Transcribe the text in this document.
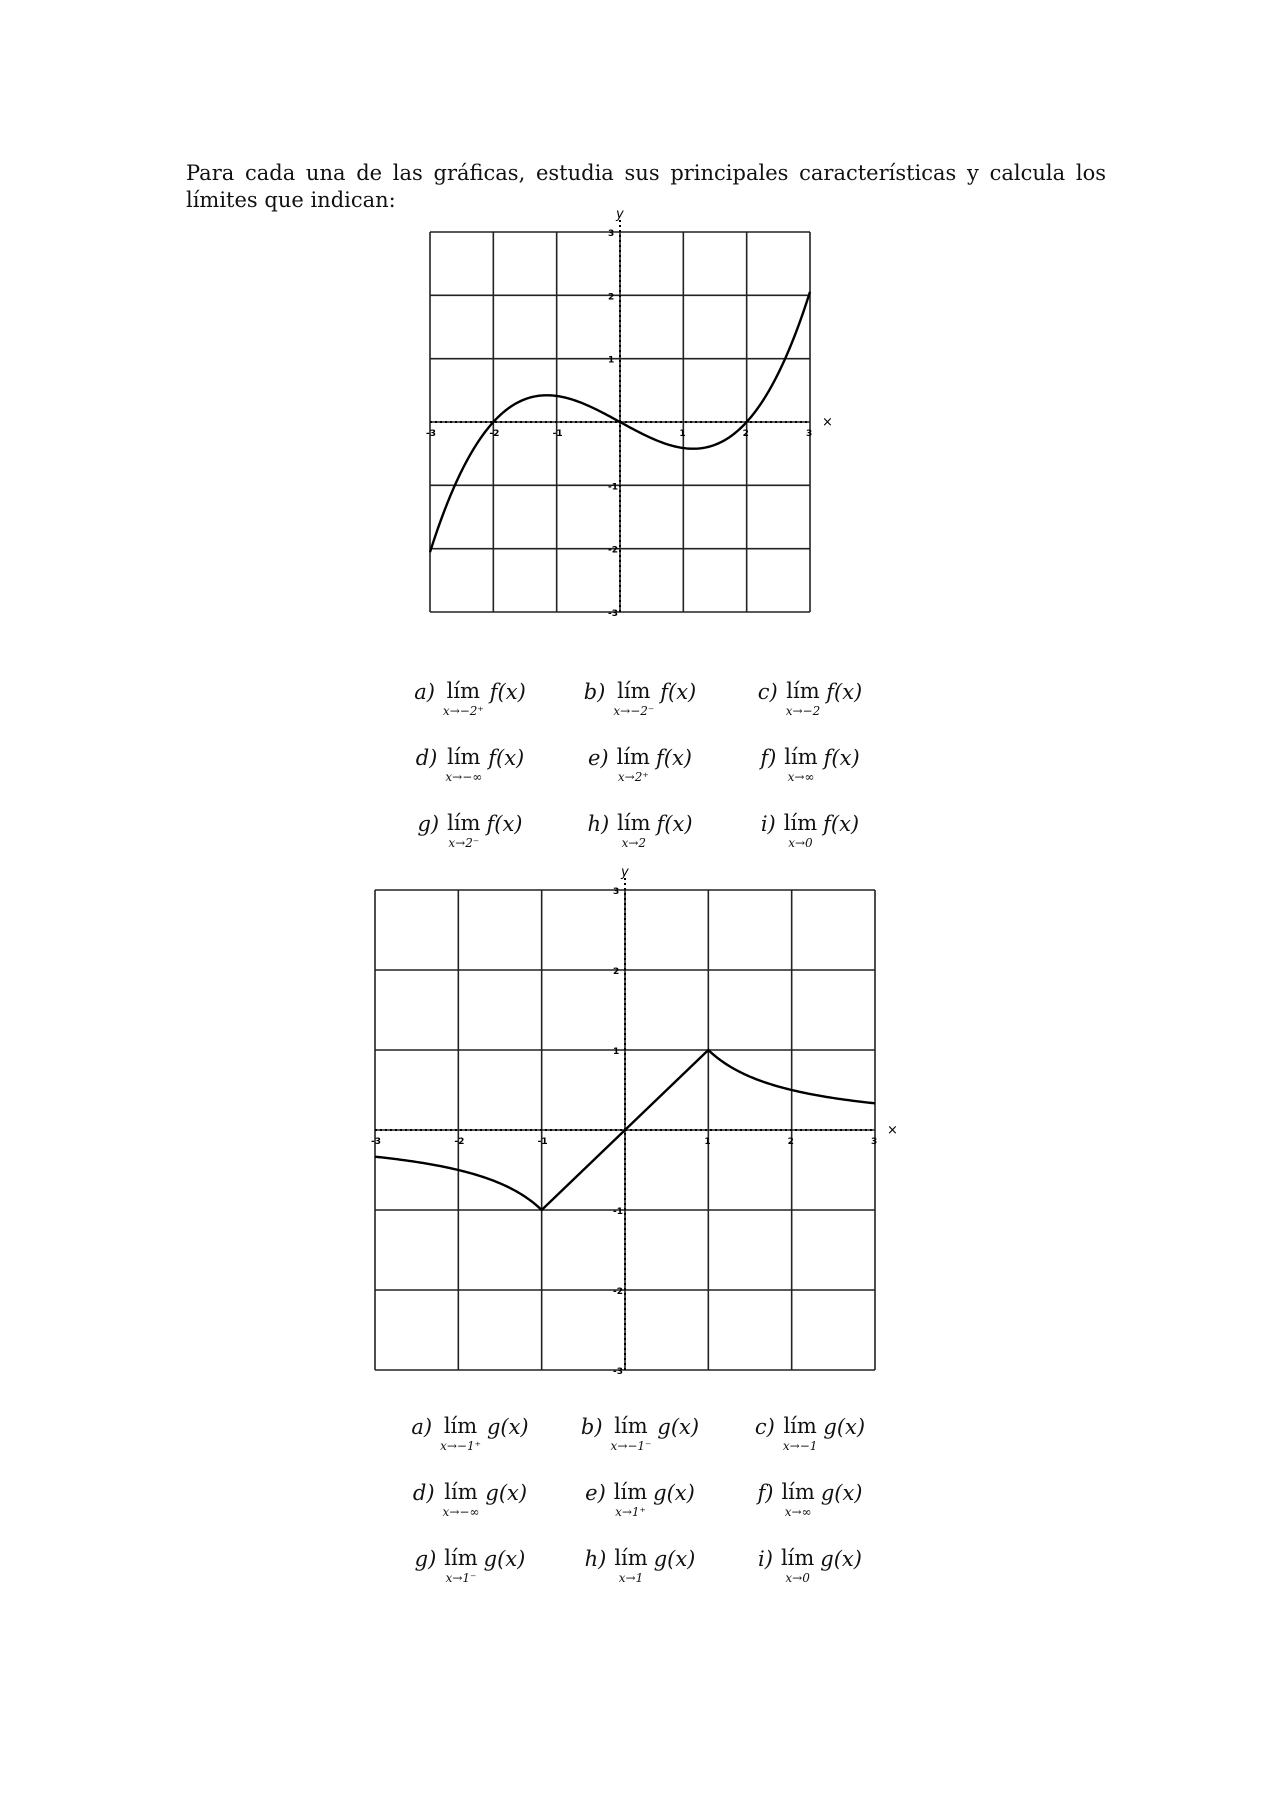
Para cada una de las gráficas, estudia sus principales características y calcula los límites que indican:
×
y
-3	-2	-1	1	2	3
3
2
1
-1
-2
-3
a) lím
x→−2⁺
f(x)	b) lím
x→−2⁻
f(x)	c) lím
x→−2
f(x)
d) lím
x→−∞
f(x)	e) lím
x→2⁺
f(x)	f) lím
x→∞
f(x)
g) lím
x→2⁻
f(x)	h) lím
x→2
f(x)	i) lím
x→0
f(x)
×
y
-3	-2	-1	1	2	3
3
2
1
-1
-2
-3
a) lím
x→−1⁺
g(x) b) lím
x→−1⁻
g(x)	c) lím
x→−1
g(x)
d) lím
x→−∞
g(x)	e) lím
x→1⁺
g(x)	f) lím
x→∞
g(x)
g) lím
x→1⁻
g(x)	h) lím
x→1
g(x)	i) lím
x→0
g(x)
